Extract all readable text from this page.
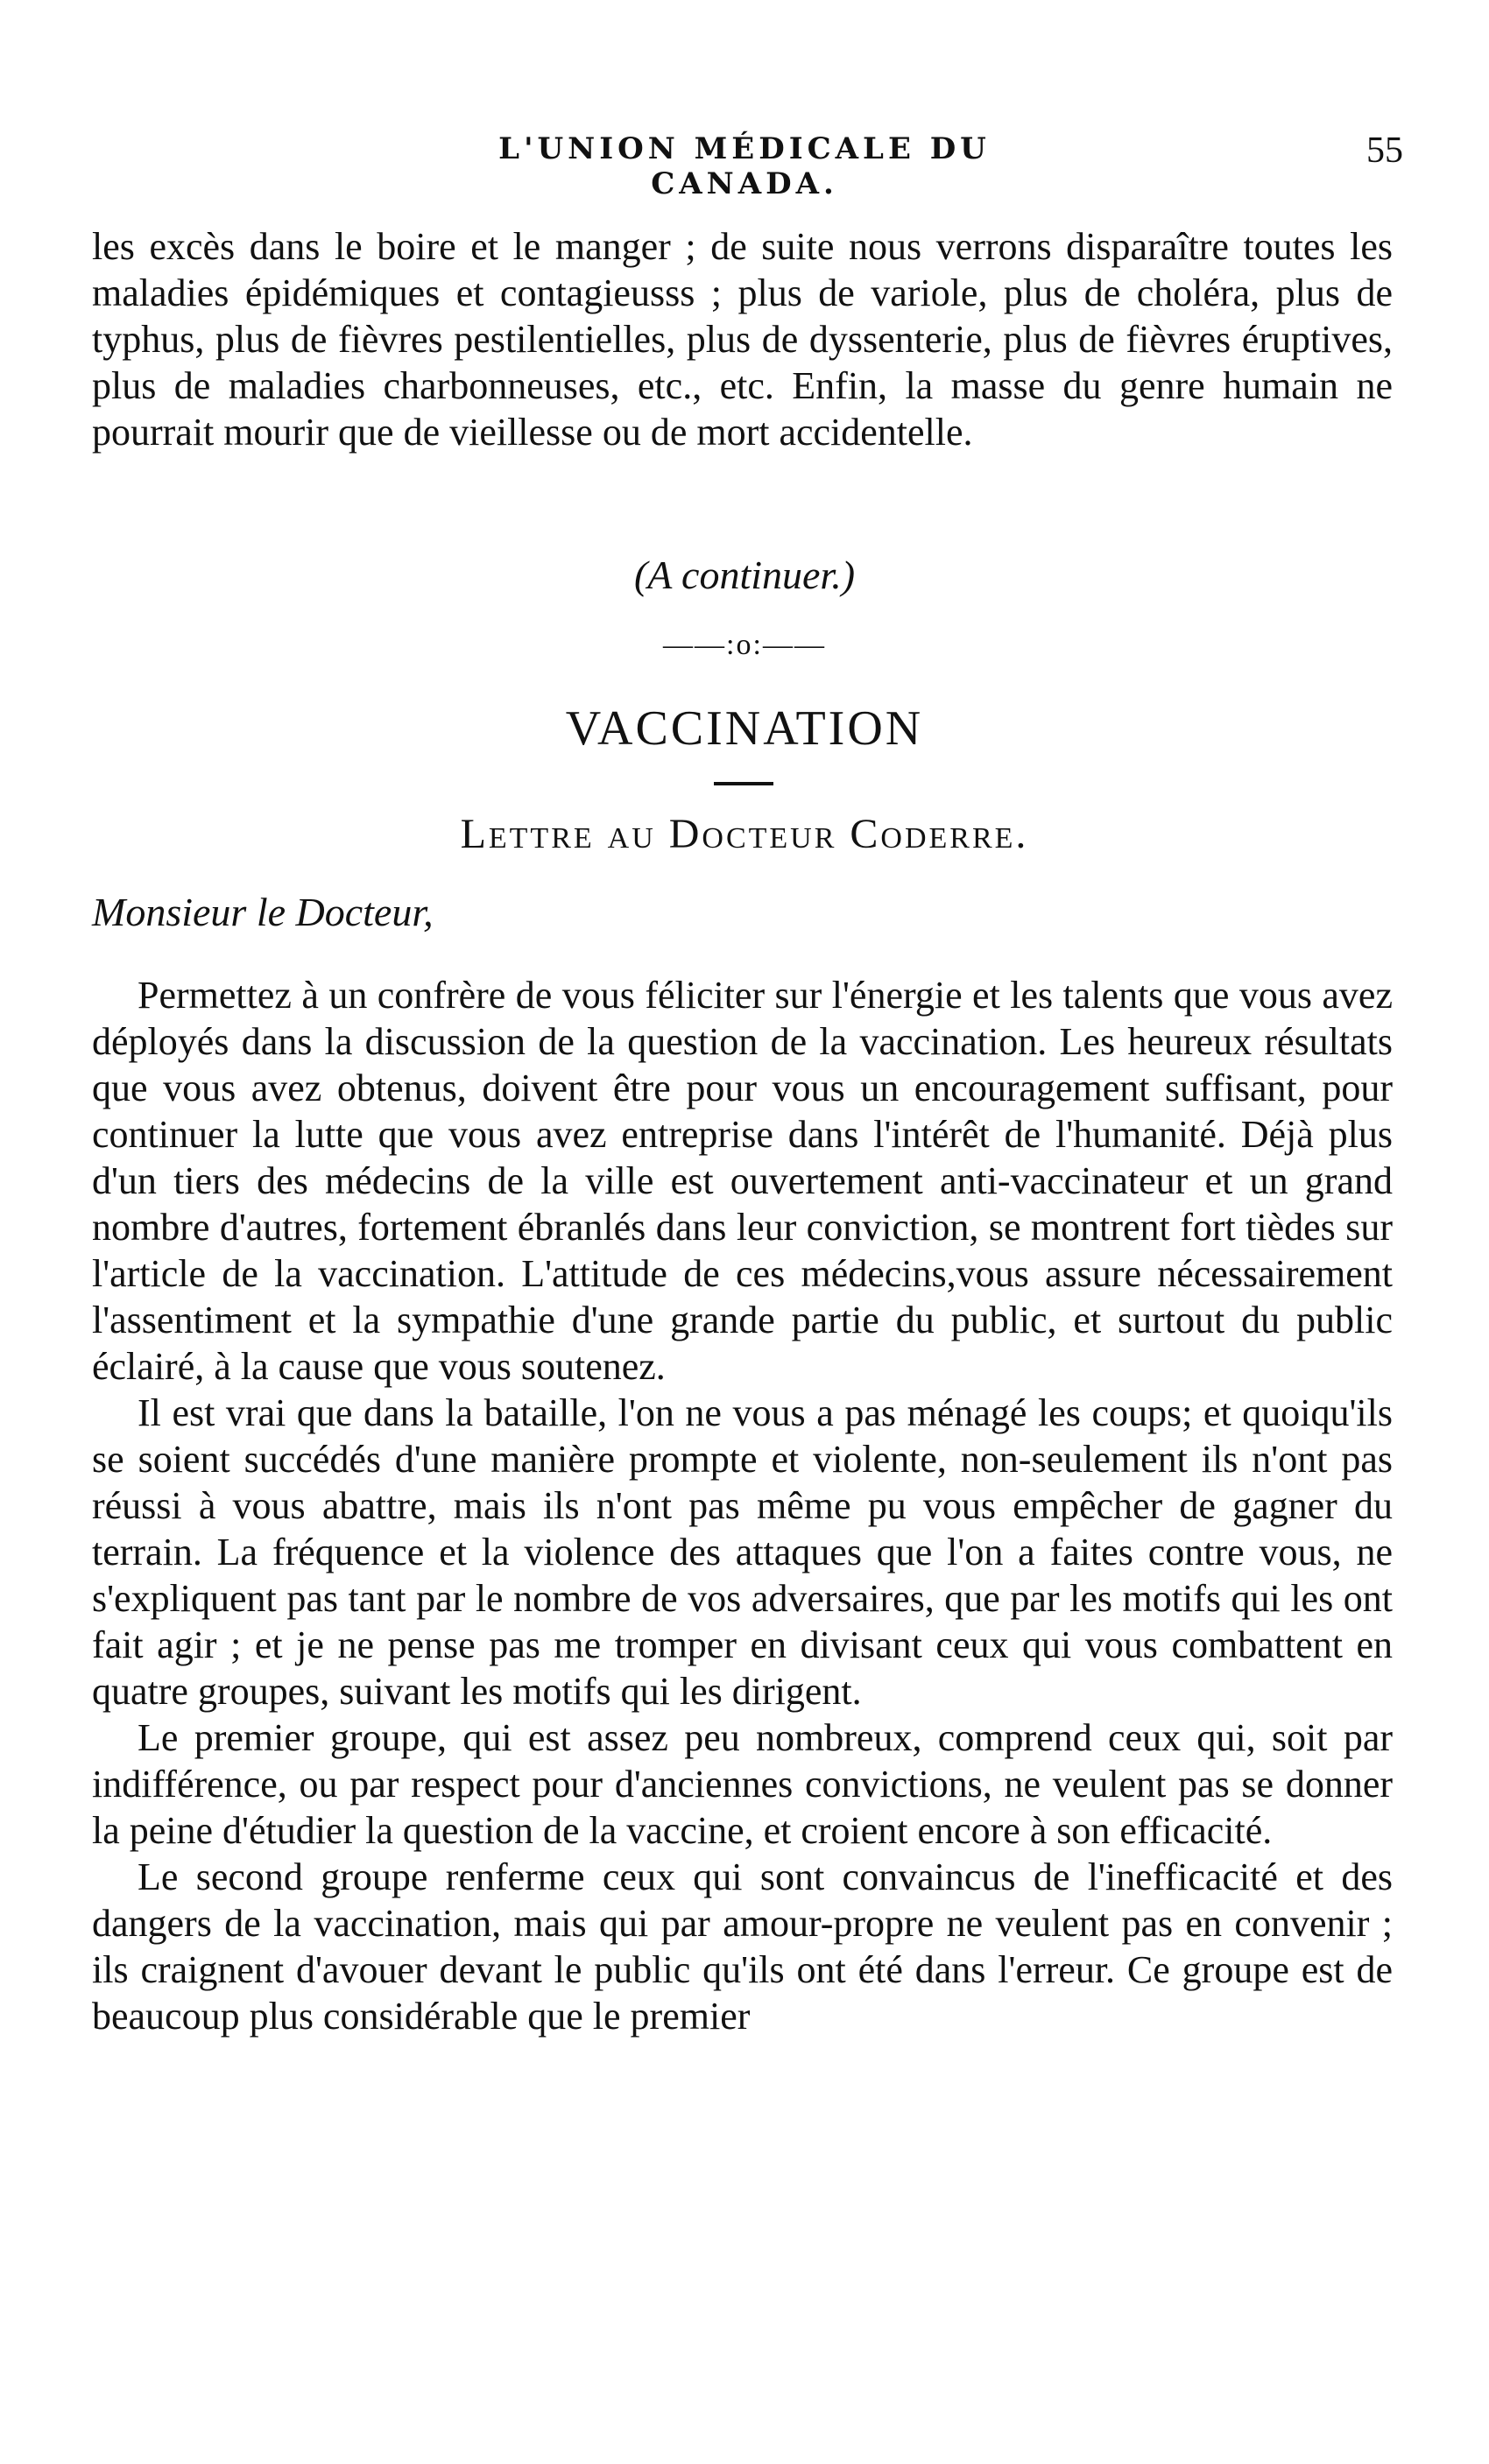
L'UNION MÉDICALE DU CANADA.
55

les excès dans le boire et le manger ; de suite nous verrons disparaître toutes les maladies épidémiques et contagieusss ; plus de variole, plus de choléra, plus de typhus, plus de fièvres pestilentielles, plus de dyssenterie, plus de fièvres éruptives, plus de maladies charbonneuses, etc., etc. Enfin, la masse du genre humain ne pourrait mourir que de vieillesse ou de mort accidentelle.

(A continuer.)
——:o:——
VACCINATION
Lettre au Docteur Coderre.
Monsieur le Docteur,

Permettez à un confrère de vous féliciter sur l'énergie et les talents que vous avez déployés dans la discussion de la question de la vaccination. Les heureux résultats que vous avez obtenus, doivent être pour vous un encouragement suffisant, pour continuer la lutte que vous avez entreprise dans l'intérêt de l'humanité. Déjà plus d'un tiers des médecins de la ville est ouvertement anti-vaccinateur et un grand nombre d'autres, fortement ébranlés dans leur conviction, se montrent fort tièdes sur l'article de la vaccination. L'attitude de ces médecins,vous assure nécessairement l'assentiment et la sympathie d'une grande partie du public, et surtout du public éclairé, à la cause que vous soutenez.

Il est vrai que dans la bataille, l'on ne vous a pas ménagé les coups; et quoiqu'ils se soient succédés d'une manière prompte et violente, non-seulement ils n'ont pas réussi à vous abattre, mais ils n'ont pas même pu vous empêcher de gagner du terrain. La fréquence et la violence des attaques que l'on a faites contre vous, ne s'expliquent pas tant par le nombre de vos adversaires, que par les motifs qui les ont fait agir ; et je ne pense pas me tromper en divisant ceux qui vous combattent en quatre groupes, suivant les motifs qui les dirigent.

Le premier groupe, qui est assez peu nombreux, comprend ceux qui, soit par indifférence, ou par respect pour d'anciennes convictions, ne veulent pas se donner la peine d'étudier la question de la vaccine, et croient encore à son efficacité.

Le second groupe renferme ceux qui sont convaincus de l'inefficacité et des dangers de la vaccination, mais qui par amour-propre ne veulent pas en convenir ; ils craignent d'avouer devant le public qu'ils ont été dans l'erreur. Ce groupe est de beaucoup plus considérable que le premier
